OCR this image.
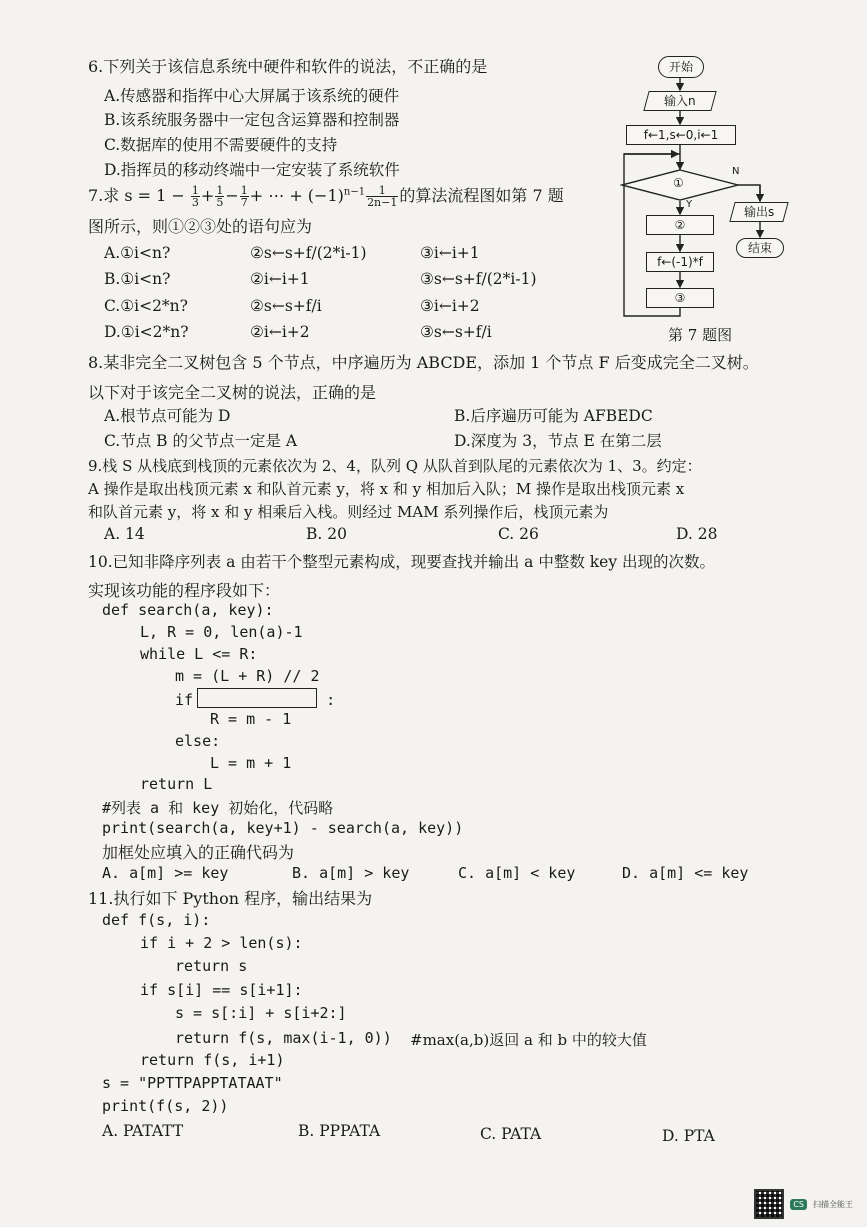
6.下列关于该信息系统中硬件和软件的说法，不正确的是
A.传感器和指挥中心大屏属于该系统的硬件
B.该系统服务器中一定包含运算器和控制器
C.数据库的使用不需要硬件的支持
D.指挥员的移动终端中一定安装了系统软件
7.求 $s = 1 - \frac{1}{3} + \frac{1}{5} - \frac{1}{7}$ + ⋯ + $(-1)^{n-1} \frac{1}{2n-1}$ 的算法流程图如第 7 题
图所示，则①②③处的语句应为
A.①i<n?	②s←s+f/(2*i-1)	③i←i+1
B.①i<n?	②i←i+1	③s←s+f/(2*i-1)
C.①i<2*n?	②s←s+f/i	③i←i+2
D.①i<2*n?	②i←i+2	③s←s+f/i
开始
输入n
f←1,s←0,i←1
①
N
Y
输出s
结束
②
f←(-1)*f
③
第 7 题图
8.某非完全二叉树包含 5 个节点，中序遍历为 ABCDE，添加 1 个节点 F 后变成完全二叉树。
以下对于该完全二叉树的说法，正确的是
A.根节点可能为 D	B.后序遍历可能为 AFBEDC
C.节点 B 的父节点一定是 A	D.深度为 3，节点 E 在第二层
9.栈 S 从栈底到栈顶的元素依次为 2、4，队列 Q 从队首到队尾的元素依次为 1、3。约定：
A 操作是取出栈顶元素 x 和队首元素 y，将 x 和 y 相加后入队；M 操作是取出栈顶元素 x
和队首元素 y，将 x 和 y 相乘后入栈。则经过 MAM 系列操作后，栈顶元素为
A. 14	B. 20	C. 26	D. 28
10.已知非降序列表 a 由若干个整型元素构成，现要查找并输出 a 中整数 key 出现的次数。
实现该功能的程序段如下：
def search(a, key):
L, R = 0, len(a)-1
while L <= R:
m = (L + R) // 2
if	:
R = m - 1
else:
L = m + 1
return L
#列表 a 和 key 初始化，代码略
print(search(a, key+1) - search(a, key))
加框处应填入的正确代码为
A. a[m] >= key	B. a[m] > key	C. a[m] < key	D. a[m] <= key
11.执行如下 Python 程序，输出结果为
def f(s, i):
if i + 2 > len(s):
return s
if s[i] == s[i+1]:
s = s[:i] + s[i+2:]
return f(s, max(i-1, 0)) #max(a,b)返回 a 和 b 中的较大值
return f(s, i+1)
s = "PPTTPAPPTATAAT"
print(f(s, 2))
A. PATATT	B. PPPATA	C. PATA	D. PTA
CS	扫描全能王
